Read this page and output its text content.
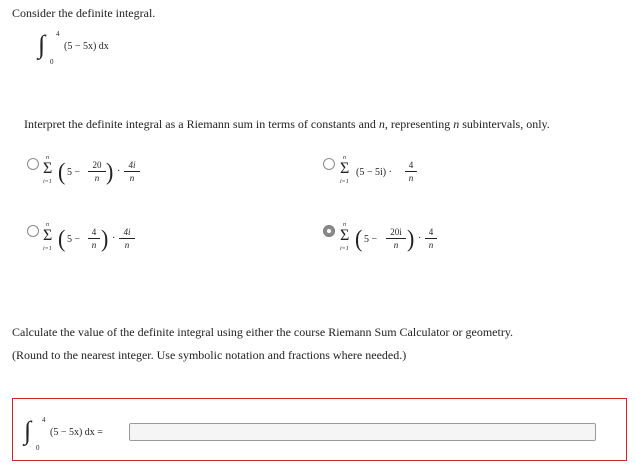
Consider the definite integral.
∫ 4
0
(5 − 5x) dx
Interpret the definite integral as a Riemann sum in terms of constants and n, representing n subintervals, only.
n
Σ
i=1 ( $5 - \frac{20}{n}$ ) · $\frac{4i}{n}$
n
Σ
i=1
$(5 - 5i) \cdot \frac{4}{n}$
n
Σ
i=1 ( $5 - \frac{4}{n}$ ) · $\frac{4i}{n}$
n
Σ
i=1 ( $5 - \frac{20i}{n}$ ) · $\frac{4}{n}$
Calculate the value of the definite integral using either the course Riemann Sum Calculator or geometry.
(Round to the nearest integer. Use symbolic notation and fractions where needed.)
∫ 4
0
(5 − 5x) dx =
